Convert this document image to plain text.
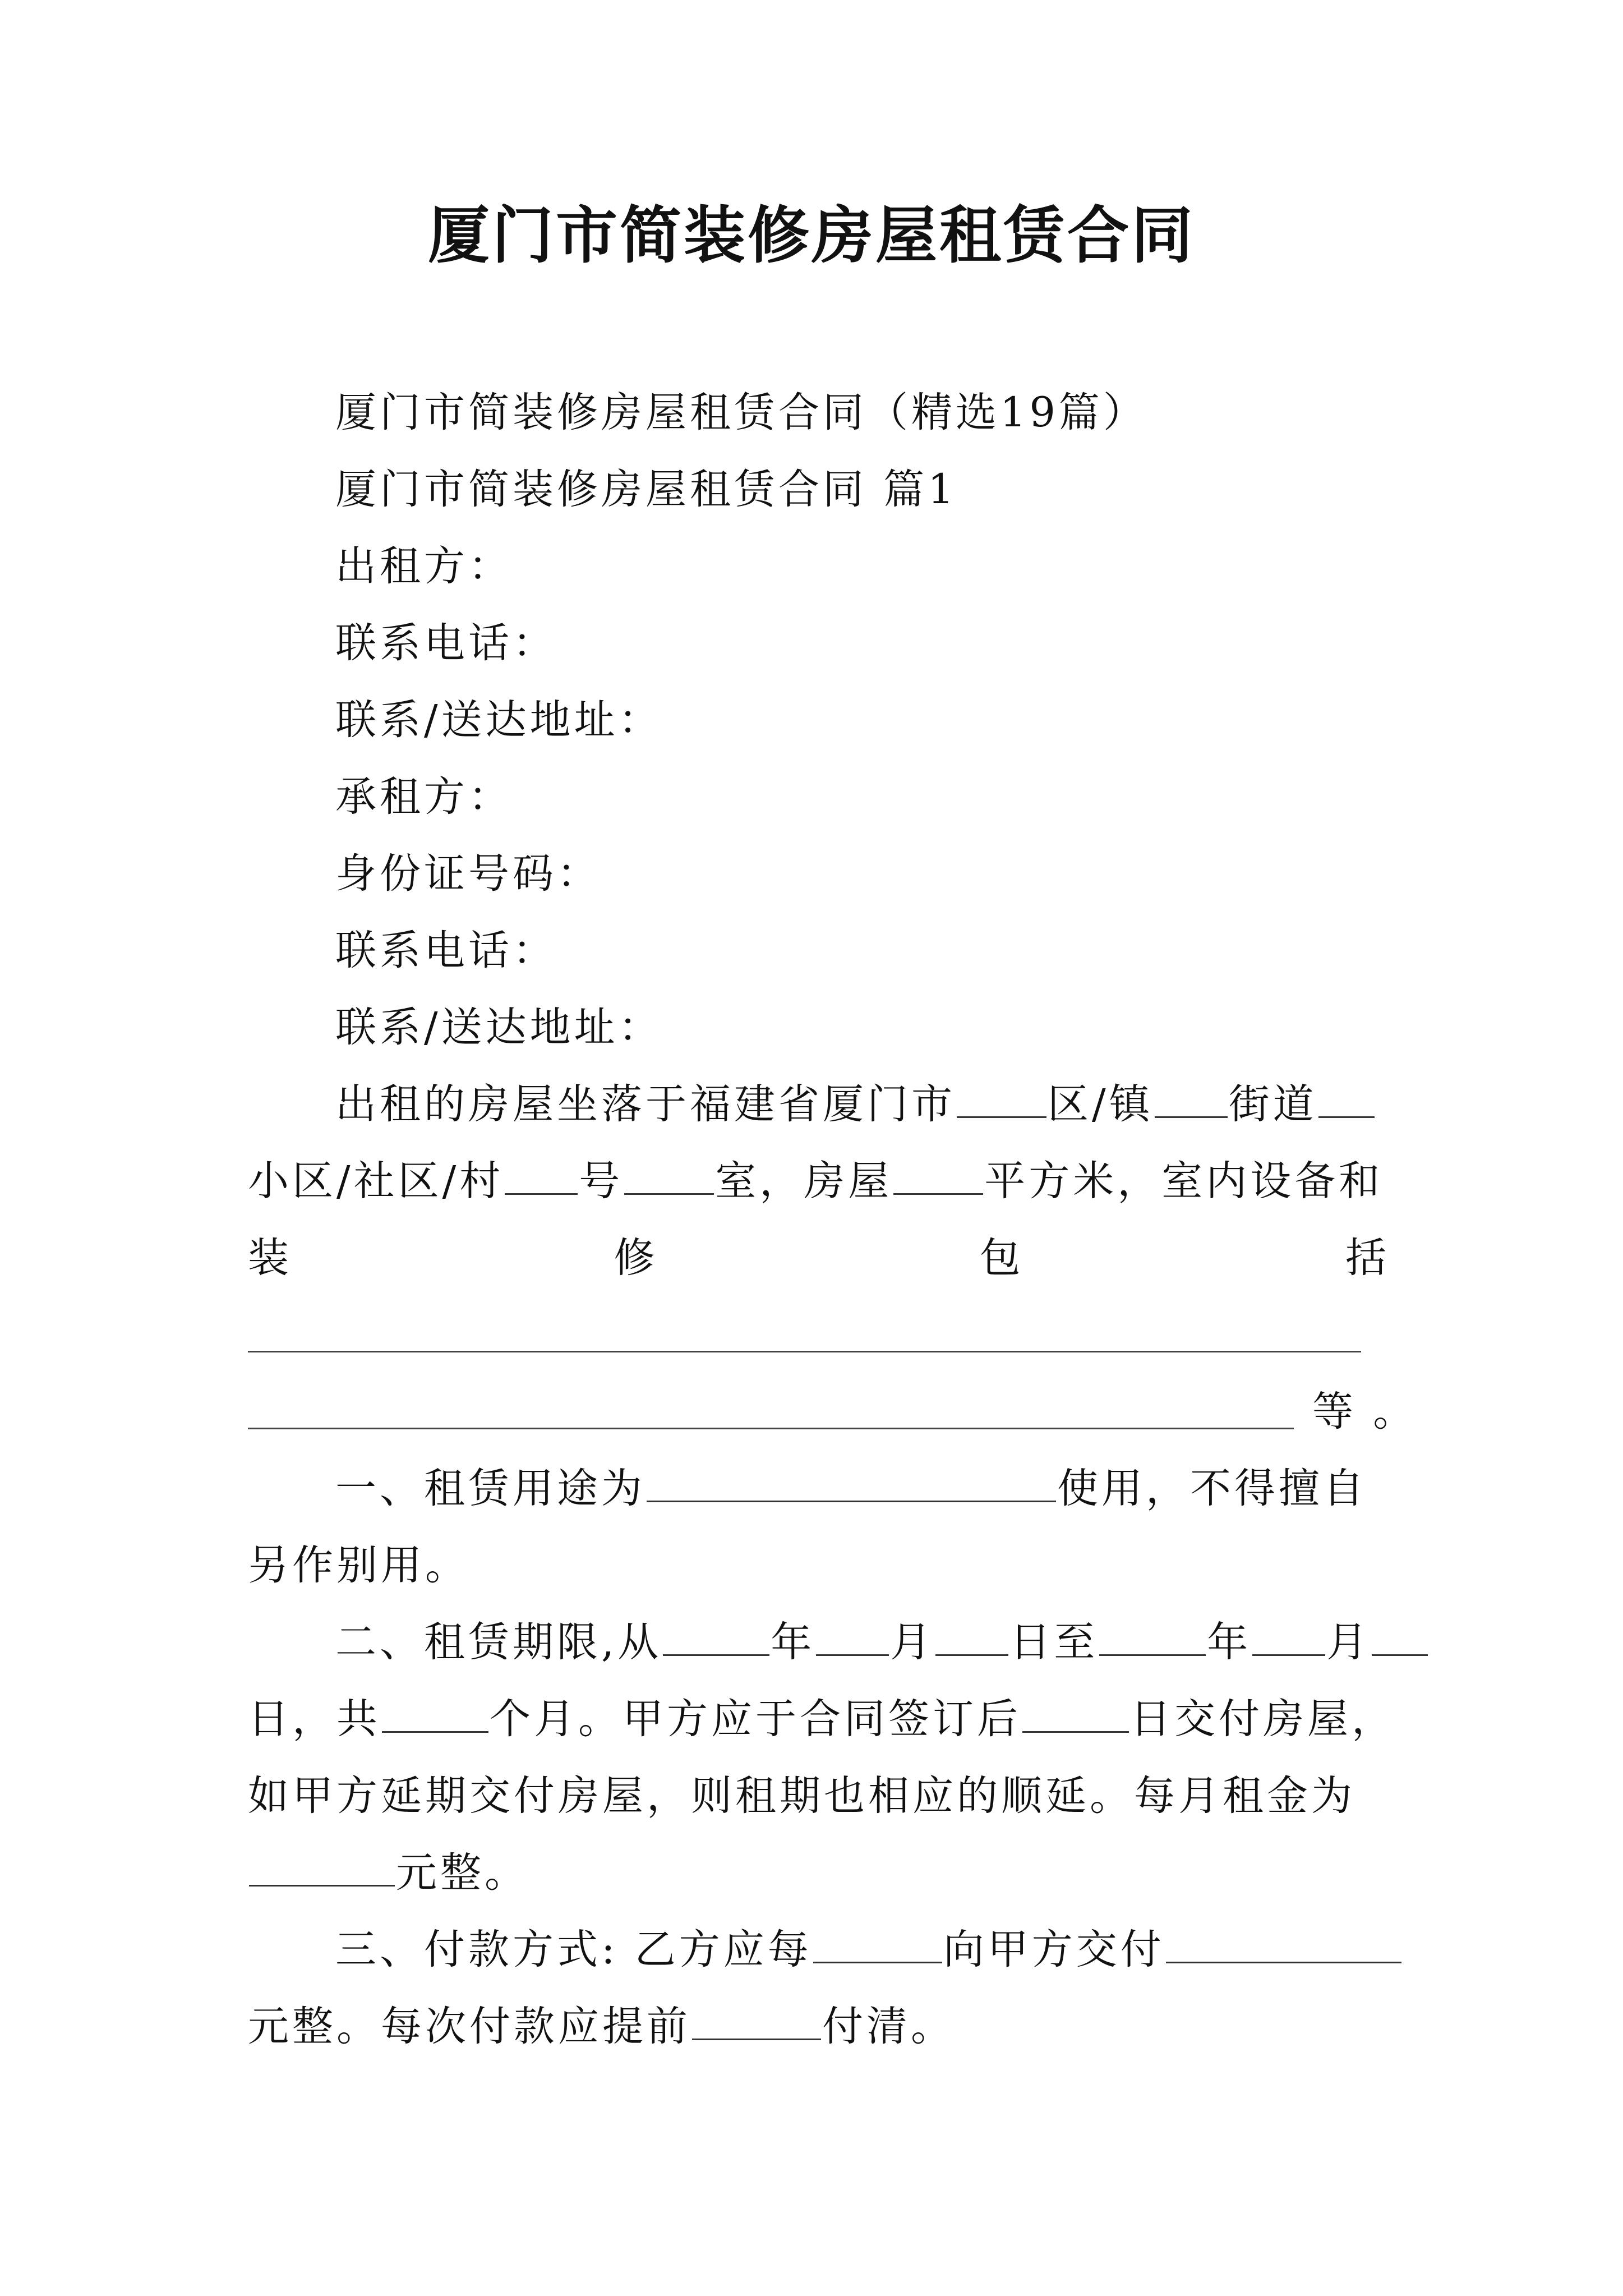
厦门市简装修房屋租赁合同
厦门市简装修房屋租赁合同（精选19篇）
厦门市简装修房屋租赁合同 篇1
出租方：
联系电话：
联系/送达地址：
承租方：
身份证号码：
联系电话：
联系/送达地址：
出租的房屋坐落于福建省厦门市 区/镇 街道
小区/社区/村 号 室，房屋 平方米，室内设备和
装	修	包	括
等 。
一、租赁用途为	使用，不得擅自
另作别用。
二、租赁期限,从	年 月 日至	年 月
日，共	个月。甲方应于合同签订后	日交付房屋，
如甲方延期交付房屋，则租期也相应的顺延。每月租金为
元整。
三、付款方式: 乙方应每	向甲方交付
元整。每次付款应提前	付清。
